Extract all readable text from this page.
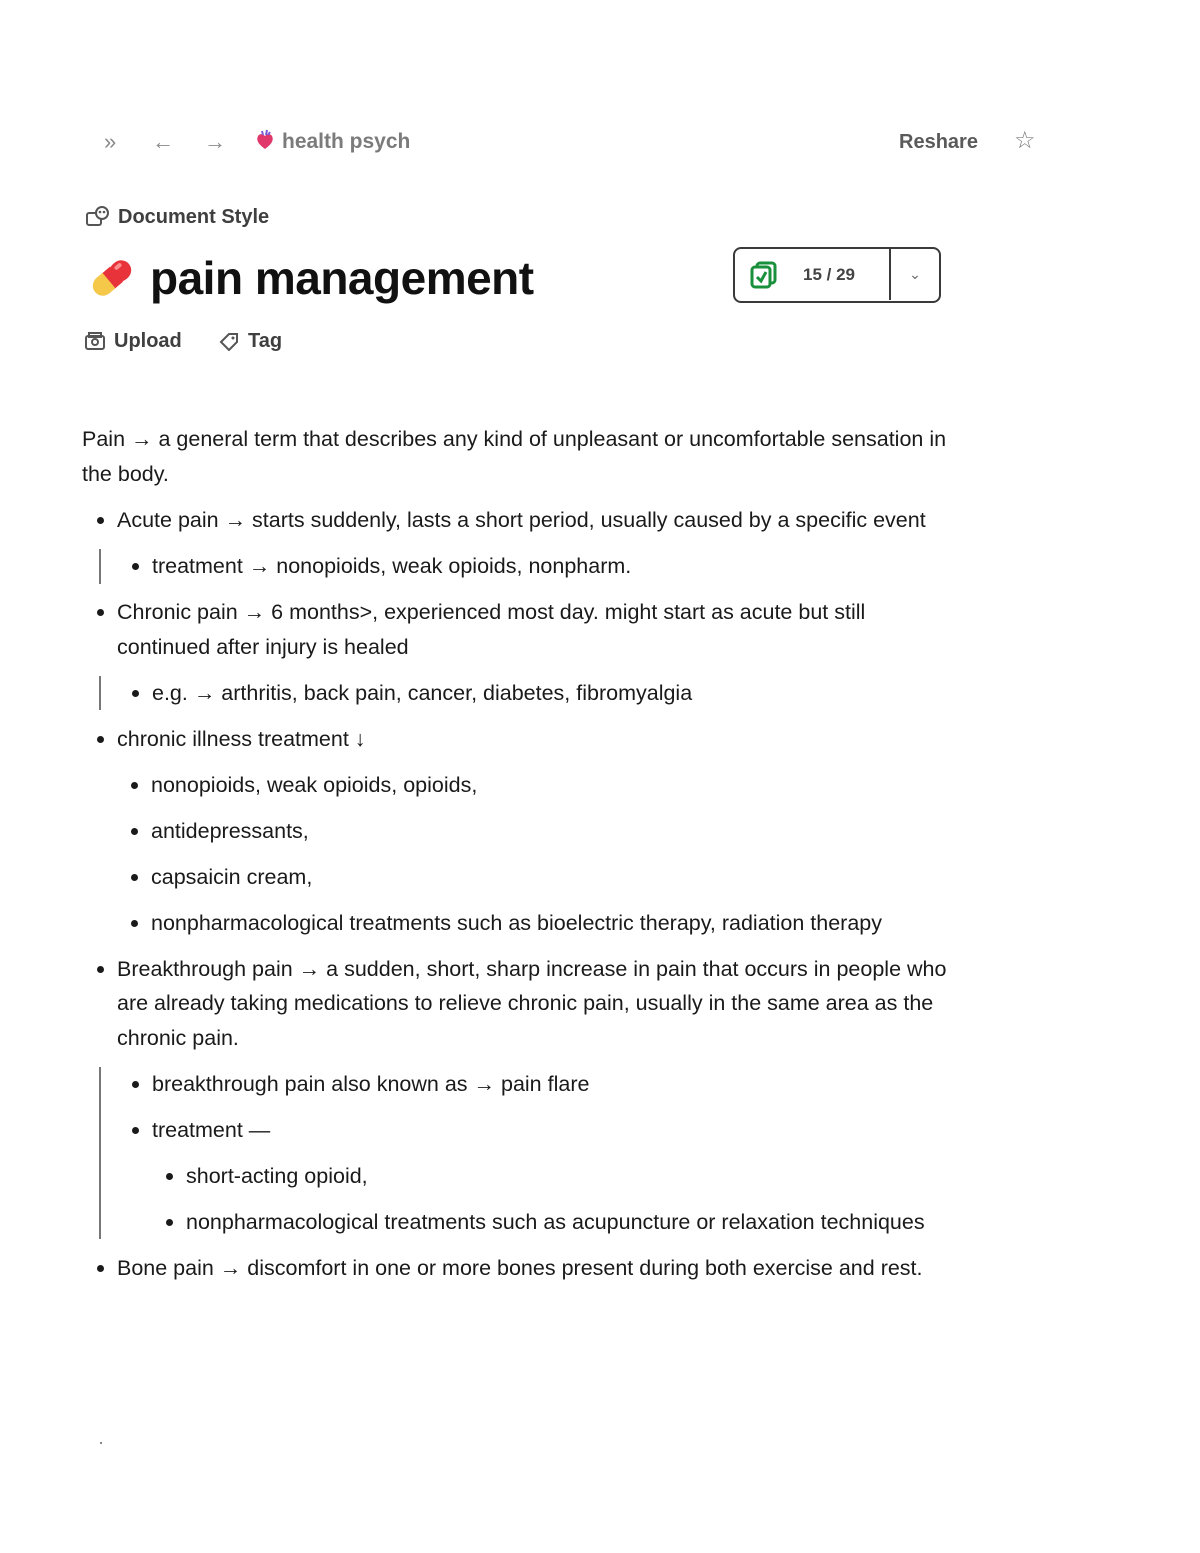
» ← →	health psych	Reshare ☆
Document Style
pain management	15 / 29	⌄
Upload	Tag

Pain → a general term that describes any kind of unpleasant or uncomfortable sensation in the body.

Acute pain → starts suddenly, lasts a short period, usually caused by a specific event
treatment → nonopioids, weak opioids, nonpharm.
Chronic pain → 6 months>, experienced most day. might start as acute but still continued after injury is healed
e.g. → arthritis, back pain, cancer, diabetes, fibromyalgia
chronic illness treatment ↓
nonopioids, weak opioids, opioids,
antidepressants,
capsaicin cream,
nonpharmacological treatments such as bioelectric therapy, radiation therapy
Breakthrough pain → a sudden, short, sharp increase in pain that occurs in people who are already taking medications to relieve chronic pain, usually in the same area as the chronic pain.
breakthrough pain also known as → pain flare
treatment —
short-acting opioid,
nonpharmacological treatments such as acupuncture or relaxation techniques
Bone pain → discomfort in one or more bones present during both exercise and rest.
